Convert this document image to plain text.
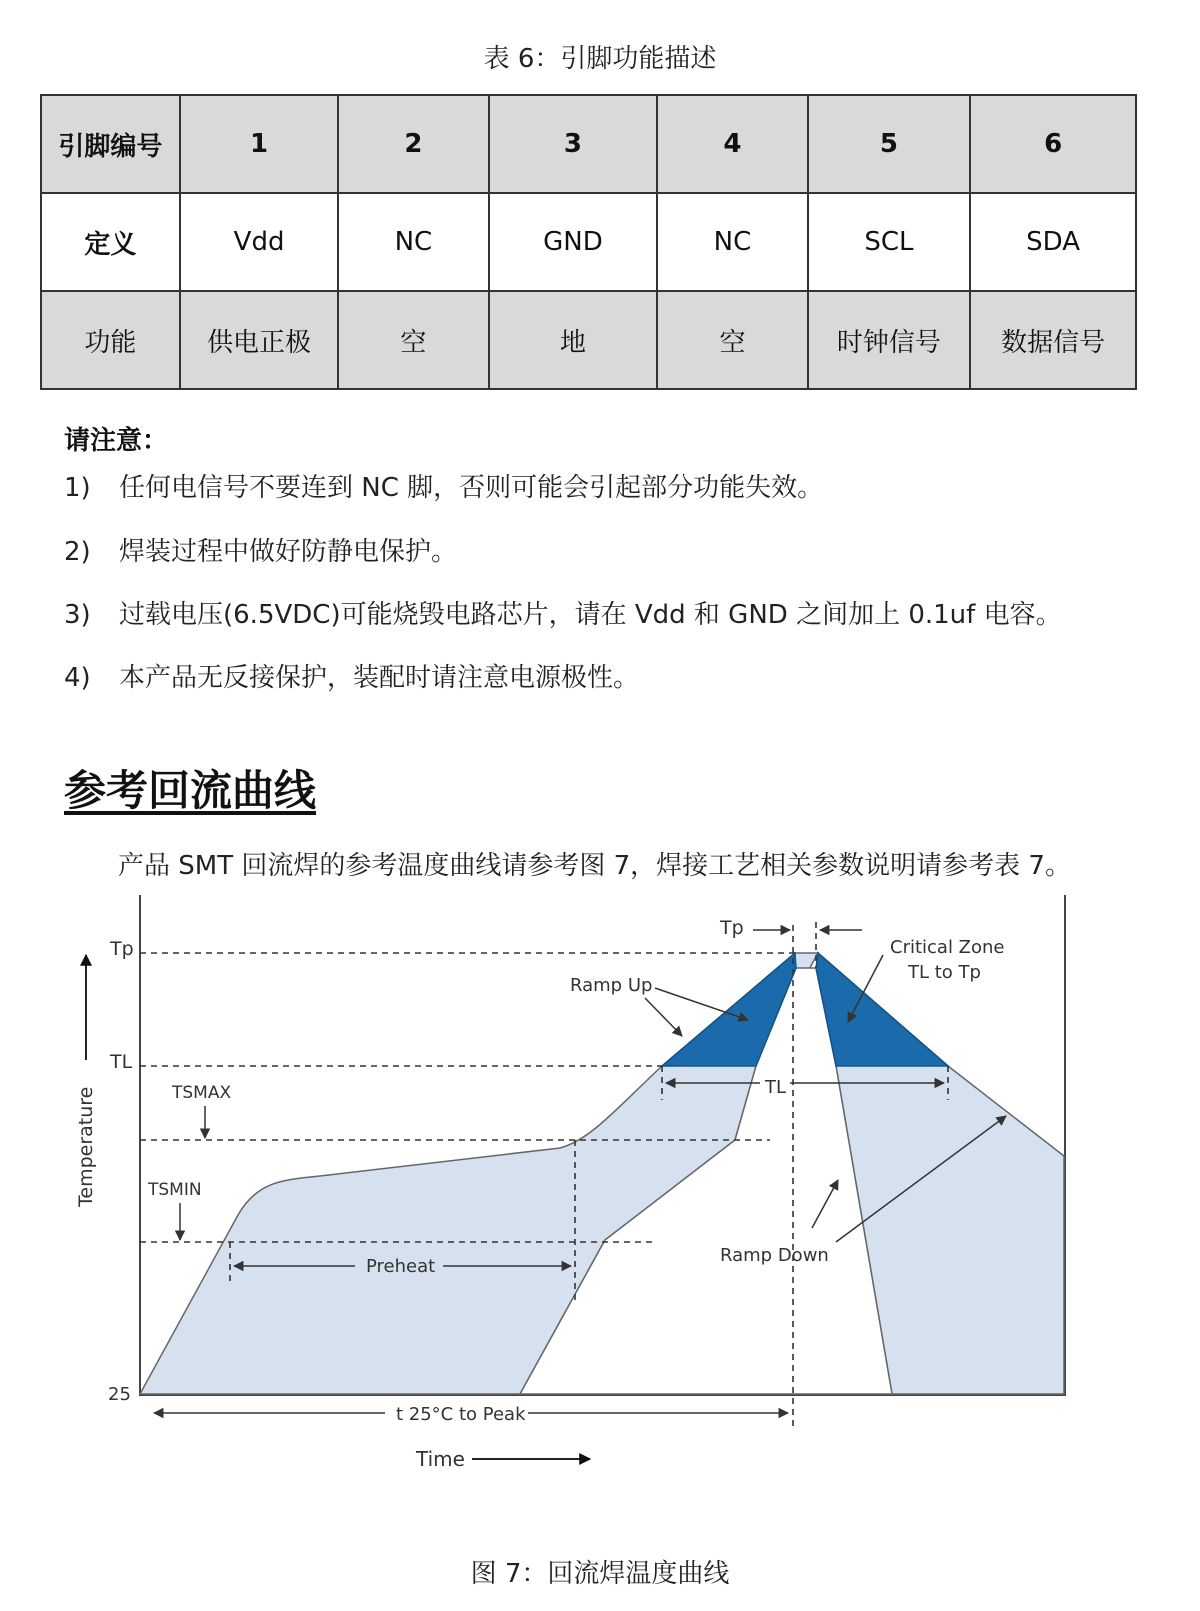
表 6：引脚功能描述
引脚编号	1	2	3	4	5	6
定义	Vdd	NC	GND	NC	SCL	SDA
功能	供电正极	空	地	空	时钟信号	数据信号
请注意：
1) 任何电信号不要连到 NC 脚，否则可能会引起部分功能失效。
2) 焊装过程中做好防静电保护。
3) 过载电压(6.5VDC)可能烧毁电路芯片，请在 Vdd 和 GND 之间加上 0.1uf 电容。
4) 本产品无反接保护，装配时请注意电源极性。
参考回流曲线
产品 SMT 回流焊的参考温度曲线请参考图 7，焊接工艺相关参数说明请参考表 7。
Temperature
Tp
TL
TSMAX
TSMIN
25
Tp
Critical Zone
TL to Tp
Ramp Up
TL
Preheat
Ramp Down
t 25°C to Peak
Time
图 7：回流焊温度曲线
